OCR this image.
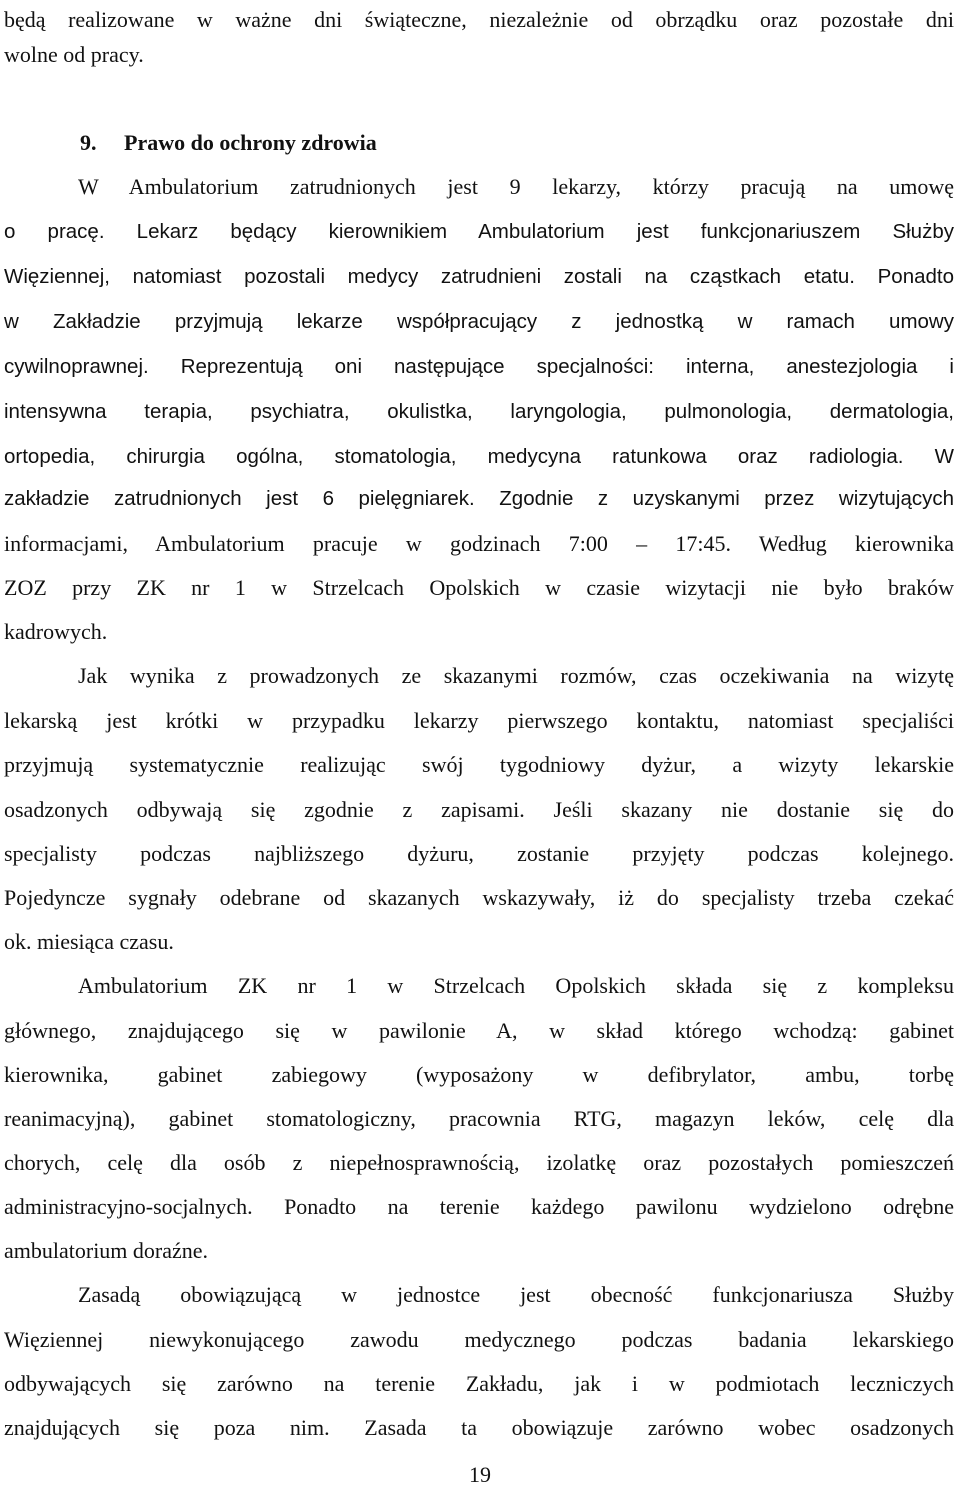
będą realizowane w ważne dni świąteczne, niezależnie od obrządku oraz pozostałe dni
wolne od pracy.
9. Prawo do ochrony zdrowia
W Ambulatorium zatrudnionych jest 9 lekarzy, którzy pracują na umowę
o pracę. Lekarz będący kierownikiem Ambulatorium jest funkcjonariuszem Służby
Więziennej, natomiast pozostali medycy zatrudnieni zostali na cząstkach etatu. Ponadto
w Zakładzie przyjmują lekarze współpracujący z jednostką w ramach umowy
cywilnoprawnej. Reprezentują oni następujące specjalności: interna, anestezjologia i
intensywna terapia, psychiatra, okulistka, laryngologia, pulmonologia, dermatologia,
ortopedia, chirurgia ogólna, stomatologia, medycyna ratunkowa oraz radiologia. W
zakładzie zatrudnionych jest 6 pielęgniarek. Zgodnie z uzyskanymi przez wizytujących
informacjami, Ambulatorium pracuje w godzinach 7:00 – 17:45. Według kierownika
ZOZ przy ZK nr 1 w Strzelcach Opolskich w czasie wizytacji nie było braków
kadrowych.
Jak wynika z prowadzonych ze skazanymi rozmów, czas oczekiwania na wizytę
lekarską jest krótki w przypadku lekarzy pierwszego kontaktu, natomiast specjaliści
przyjmują systematycznie realizując swój tygodniowy dyżur, a wizyty lekarskie
osadzonych odbywają się zgodnie z zapisami. Jeśli skazany nie dostanie się do
specjalisty podczas najbliższego dyżuru, zostanie przyjęty podczas kolejnego.
Pojedyncze sygnały odebrane od skazanych wskazywały, iż do specjalisty trzeba czekać
ok. miesiąca czasu.
Ambulatorium ZK nr 1 w Strzelcach Opolskich składa się z kompleksu
głównego, znajdującego się w pawilonie A, w skład którego wchodzą: gabinet
kierownika, gabinet zabiegowy (wyposażony w defibrylator, ambu, torbę
reanimacyjną), gabinet stomatologiczny, pracownia RTG, magazyn leków, celę dla
chorych, celę dla osób z niepełnosprawnością, izolatkę oraz pozostałych pomieszczeń
administracyjno-socjalnych. Ponadto na terenie każdego pawilonu wydzielono odrębne
ambulatorium doraźne.
Zasadą obowiązującą w jednostce jest obecność funkcjonariusza Służby
Więziennej niewykonującego zawodu medycznego podczas badania lekarskiego
odbywających się zarówno na terenie Zakładu, jak i w podmiotach leczniczych
znajdujących się poza nim. Zasada ta obowiązuje zarówno wobec osadzonych
19
